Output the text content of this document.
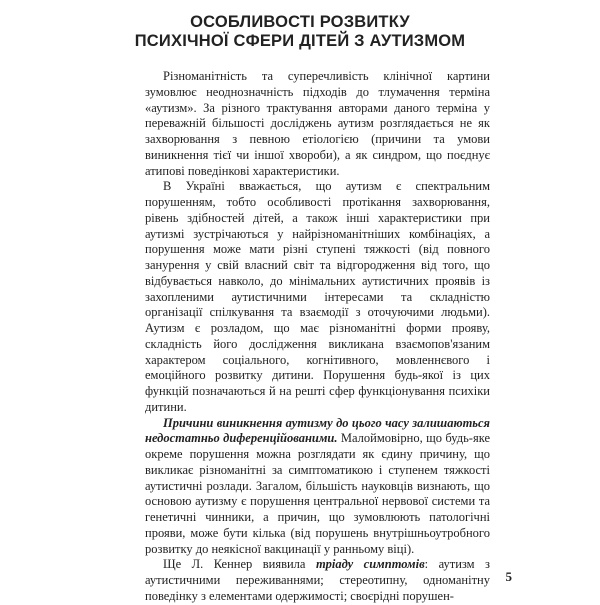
ОСОБЛИВОСТІ РОЗВИТКУ
ПСИХІЧНОЇ СФЕРИ ДІТЕЙ З АУТИЗМОМ

Різноманітність та суперечливість клінічної картини зумовлює неоднозначність підходів до тлумачення терміна «аутизм». За різного трактування авторами даного терміна у переважній більшості досліджень аутизм розглядається не як захворювання з певною етіологією (причини та умови виникнення тієї чи іншої хвороби), а як синдром, що поєднує атипові поведінкові характеристики.

В Україні вважається, що аутизм є спектральним порушенням, тобто особливості протікання захворювання, рівень здібностей дітей, а також інші характеристики при аутизмі зустрічаються у найрізноманітніших комбінаціях, а порушення може мати різні ступені тяжкості (від повного занурення у свій власний світ та відгородження від того, що відбувається навколо, до мінімальних аутистичних проявів із захопленими аутистичними інтересами та складністю організації спілкування та взаємодії з оточуючими людьми). Аутизм є розладом, що має різноманітні форми прояву, складність його дослідження викликана взаємопов'язаним характером соціального, когнітивного, мовленнєвого і емоційного розвитку дитини. Порушення будь-якої із цих функцій позначаються й на решті сфер функціонування психіки дитини.

Причини виникнення аутизму до цього часу залишаються недостатньо диференційованими. Малоймовірно, що будь-яке окреме порушення можна розглядати як єдину причину, що викликає різноманітні за симптоматикою і ступенем тяжкості аутистичні розлади. Загалом, більшість науковців визнають, що основою аутизму є порушення центральної нервової системи та генетичні чинники, а причин, що зумовлюють патологічні прояви, може бути кілька (від порушень внутрішньоутробного розвитку до неякісної вакцинації у ранньому віці).

Ще Л. Кеннер виявила тріаду симптомів: аутизм з аутистичними переживаннями; стереотипну, одноманітну поведінку з елементами одержимості; своєрідні порушен-

5
